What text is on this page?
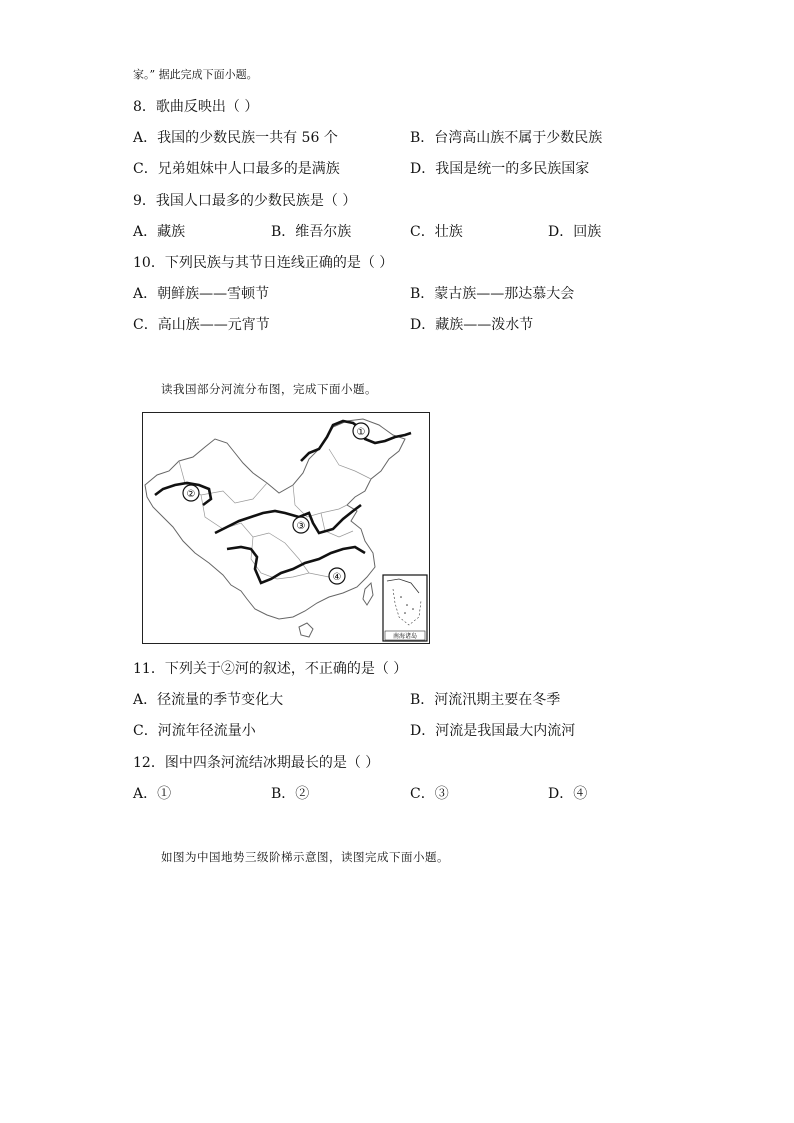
家。” 据此完成下面小题。
8．歌曲反映出（ ）
A．我国的少数民族一共有 56 个	B．台湾高山族不属于少数民族
C．兄弟姐妹中人口最多的是满族	D．我国是统一的多民族国家
9．我国人口最多的少数民族是（ ）
A．藏族	B．维吾尔族	C．壮族	D．回族
10．下列民族与其节日连线正确的是（ ）
A．朝鲜族——雪顿节	B．蒙古族——那达慕大会
C．高山族——元宵节	D．藏族——泼水节
读我国部分河流分布图，完成下面小题。
①
②
③
④
南海诸岛
11．下列关于②河的叙述，不正确的是（ ）
A．径流量的季节变化大	B．河流汛期主要在冬季
C．河流年径流量小	D．河流是我国最大内流河
12．图中四条河流结冰期最长的是（ ）
A．①	B．②	C．③	D．④
如图为中国地势三级阶梯示意图，读图完成下面小题。
